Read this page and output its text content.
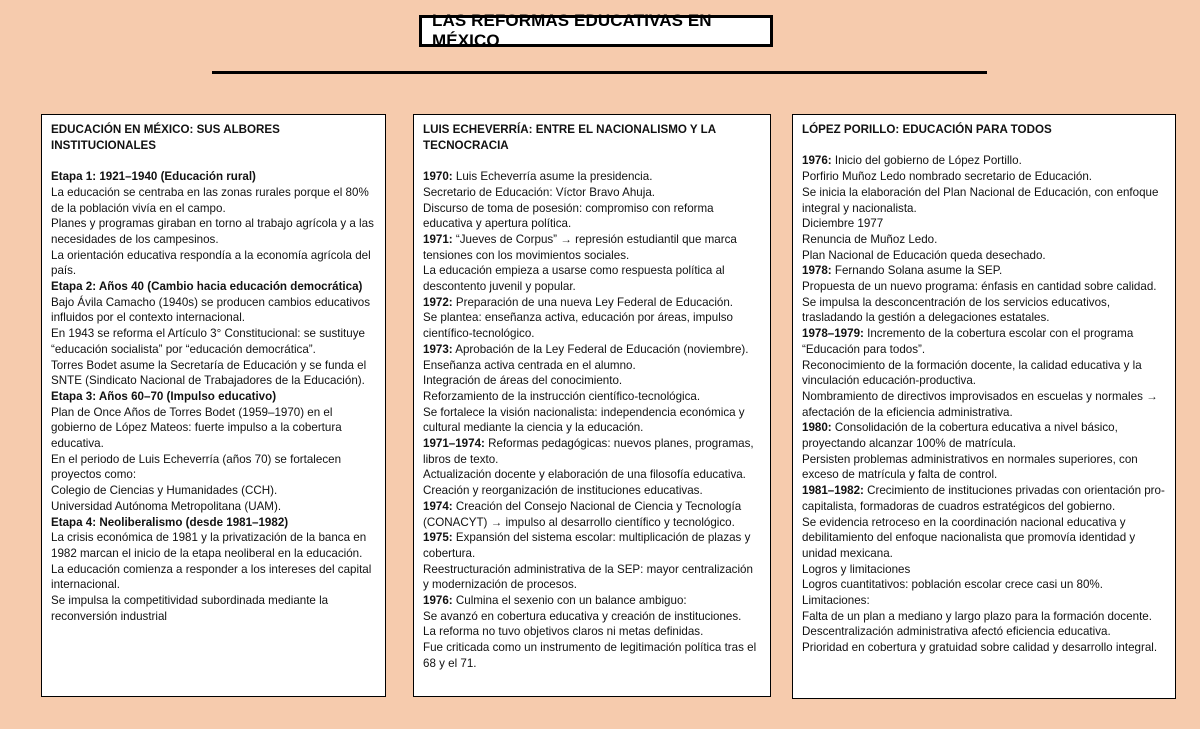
LAS REFORMAS EDUCATIVAS EN MÉXICO
EDUCACIÓN EN MÉXICO: SUS ALBORES INSTITUCIONALES
Etapa 1: 1921–1940 (Educación rural)
La educación se centraba en las zonas rurales porque el 80% de la población vivía en el campo.
Planes y programas giraban en torno al trabajo agrícola y a las necesidades de los campesinos.
La orientación educativa respondía a la economía agrícola del país.
Etapa 2: Años 40 (Cambio hacia educación democrática)
Bajo Ávila Camacho (1940s) se producen cambios educativos influidos por el contexto internacional.
En 1943 se reforma el Artículo 3° Constitucional: se sustituye “educación socialista” por “educación democrática”.
Torres Bodet asume la Secretaría de Educación y se funda el SNTE (Sindicato Nacional de Trabajadores de la Educación).
Etapa 3: Años 60–70 (Impulso educativo)
Plan de Once Años de Torres Bodet (1959–1970) en el gobierno de López Mateos: fuerte impulso a la cobertura educativa.
En el periodo de Luis Echeverría (años 70) se fortalecen proyectos como:
Colegio de Ciencias y Humanidades (CCH).
Universidad Autónoma Metropolitana (UAM).
Etapa 4: Neoliberalismo (desde 1981–1982)
La crisis económica de 1981 y la privatización de la banca en 1982 marcan el inicio de la etapa neoliberal en la educación.
La educación comienza a responder a los intereses del capital internacional.
Se impulsa la competitividad subordinada mediante la reconversión industrial
LUIS ECHEVERRÍA: ENTRE EL NACIONALISMO Y LA TECNOCRACIA
1970: Luis Echeverría asume la presidencia.
Secretario de Educación: Víctor Bravo Ahuja.
Discurso de toma de posesión: compromiso con reforma educativa y apertura política.
1971: “Jueves de Corpus” → represión estudiantil que marca tensiones con los movimientos sociales.
La educación empieza a usarse como respuesta política al descontento juvenil y popular.
1972: Preparación de una nueva Ley Federal de Educación.
Se plantea: enseñanza activa, educación por áreas, impulso científico-tecnológico.
1973: Aprobación de la Ley Federal de Educación (noviembre).
Enseñanza activa centrada en el alumno.
Integración de áreas del conocimiento.
Reforzamiento de la instrucción científico-tecnológica.
Se fortalece la visión nacionalista: independencia económica y cultural mediante la ciencia y la educación.
1971–1974: Reformas pedagógicas: nuevos planes, programas, libros de texto.
Actualización docente y elaboración de una filosofía educativa.
Creación y reorganización de instituciones educativas.
1974: Creación del Consejo Nacional de Ciencia y Tecnología (CONACYT) → impulso al desarrollo científico y tecnológico.
1975: Expansión del sistema escolar: multiplicación de plazas y cobertura.
Reestructuración administrativa de la SEP: mayor centralización y modernización de procesos.
1976: Culmina el sexenio con un balance ambiguo:
Se avanzó en cobertura educativa y creación de instituciones.
La reforma no tuvo objetivos claros ni metas definidas.
Fue criticada como un instrumento de legitimación política tras el 68 y el 71.
LÓPEZ PORILLO: EDUCACIÓN PARA TODOS
1976: Inicio del gobierno de López Portillo.
Porfirio Muñoz Ledo nombrado secretario de Educación.
Se inicia la elaboración del Plan Nacional de Educación, con enfoque integral y nacionalista.
Diciembre 1977
Renuncia de Muñoz Ledo.
Plan Nacional de Educación queda desechado.
1978: Fernando Solana asume la SEP.
Propuesta de un nuevo programa: énfasis en cantidad sobre calidad.
Se impulsa la desconcentración de los servicios educativos, trasladando la gestión a delegaciones estatales.
1978–1979: Incremento de la cobertura escolar con el programa “Educación para todos”.
Reconocimiento de la formación docente, la calidad educativa y la vinculación educación-productiva.
Nombramiento de directivos improvisados en escuelas y normales → afectación de la eficiencia administrativa.
1980: Consolidación de la cobertura educativa a nivel básico, proyectando alcanzar 100% de matrícula.
Persisten problemas administrativos en normales superiores, con exceso de matrícula y falta de control.
1981–1982: Crecimiento de instituciones privadas con orientación pro-capitalista, formadoras de cuadros estratégicos del gobierno.
Se evidencia retroceso en la coordinación nacional educativa y debilitamiento del enfoque nacionalista que promovía identidad y unidad mexicana.
Logros y limitaciones
Logros cuantitativos: población escolar crece casi un 80%.
Limitaciones:
Falta de un plan a mediano y largo plazo para la formación docente.
Descentralización administrativa afectó eficiencia educativa.
Prioridad en cobertura y gratuidad sobre calidad y desarrollo integral.
